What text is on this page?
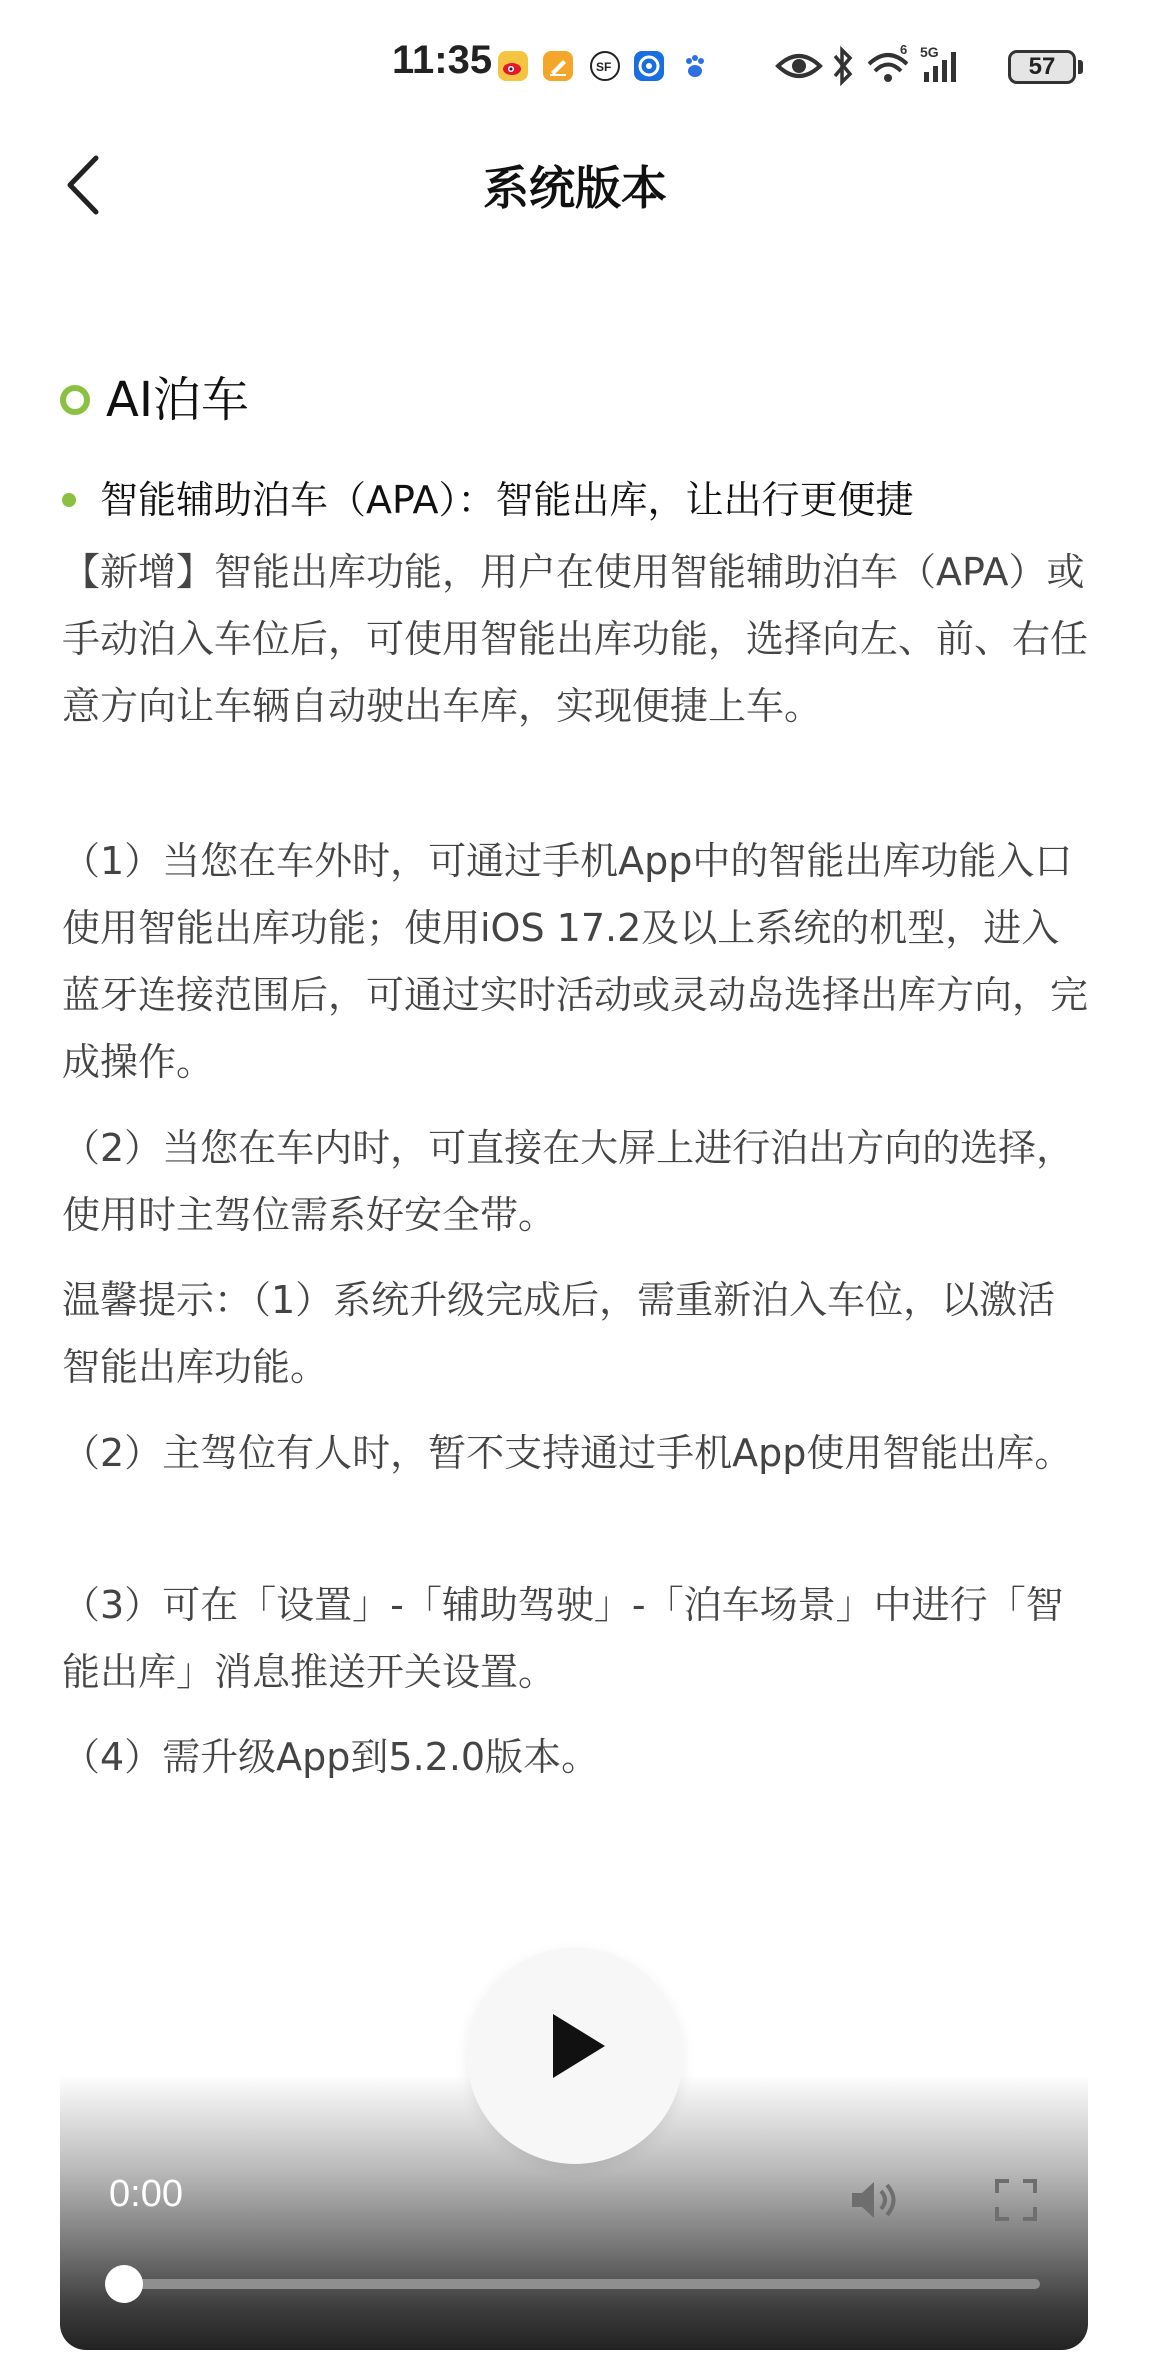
11:35	SF
6 5G
57
系统版本
AI泊车
智能辅助泊车（APA）：智能出库，让出行更便捷

【新增】智能出库功能，用户在使用智能辅助泊车（APA）或手动泊入车位后，可使用智能出库功能，选择向左、前、右任意方向让车辆自动驶出车库，实现便捷上车。

（1）当您在车外时，可通过手机App中的智能出库功能入口使用智能出库功能；使用iOS 17.2及以上系统的机型，进入蓝牙连接范围后，可通过实时活动或灵动岛选择出库方向，完成操作。

（2）当您在车内时，可直接在大屏上进行泊出方向的选择，使用时主驾位需系好安全带。

温馨提示：（1）系统升级完成后，需重新泊入车位，以激活智能出库功能。

（2）主驾位有人时，暂不支持通过手机App使用智能出库。

（3）可在「设置」-「辅助驾驶」-「泊车场景」中进行「智能出库」消息推送开关设置。

（4）需升级App到5.2.0版本。

0:00
